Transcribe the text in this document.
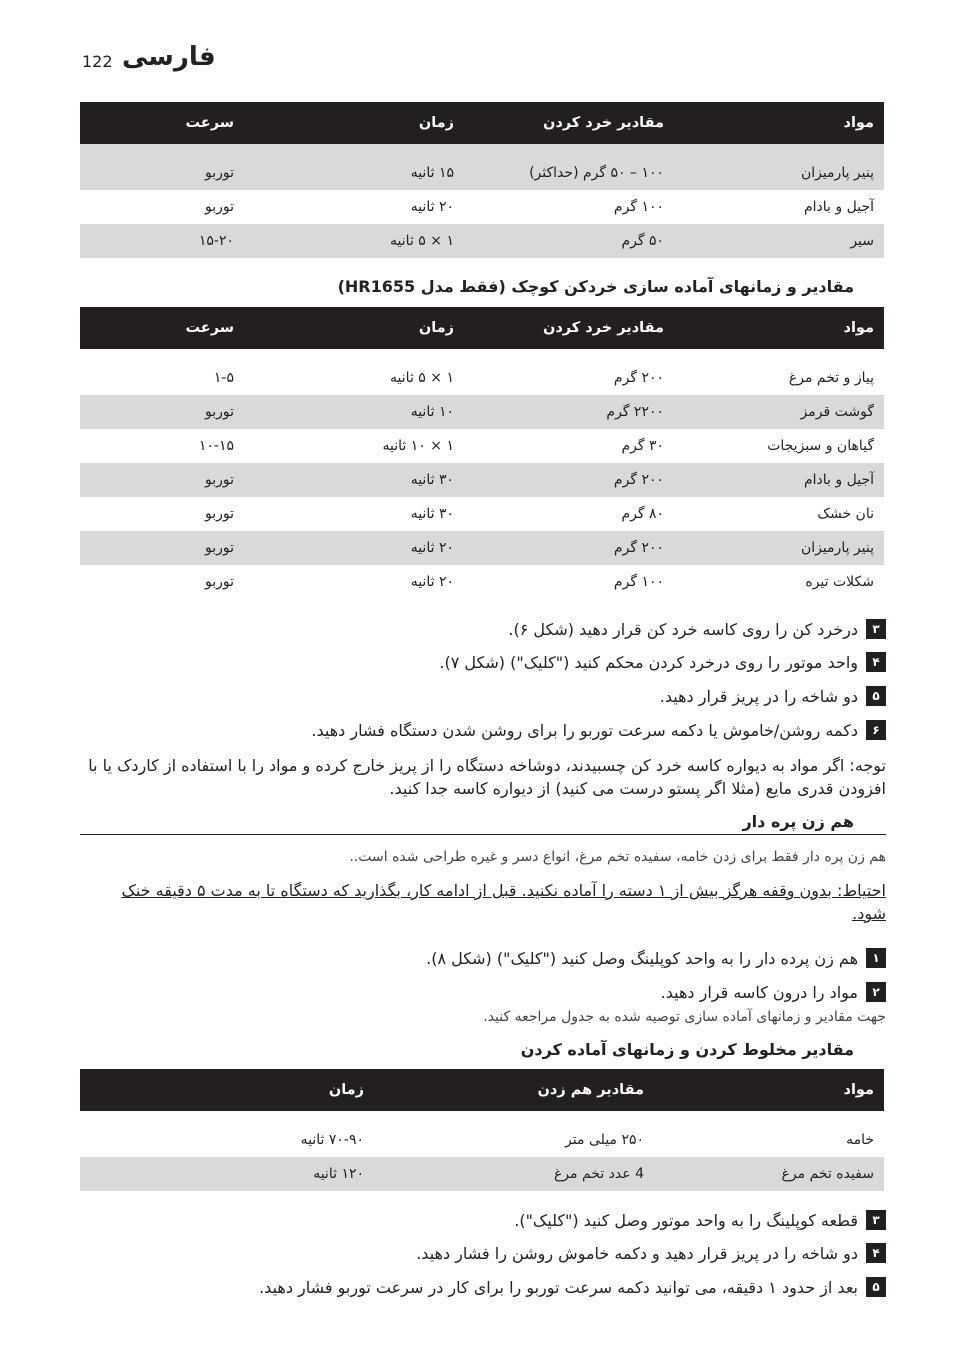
122 فارسی
مواد	مقادیر خرد کردن	زمان	سرعت

پنیر پارمیزان	۱۰۰ – ۵۰ گرم (حداکثر)	۱۵ ثانیه	توربو
آجیل و بادام	۱۰۰ گرم	۲۰ ثانیه	توربو
سیر	۵۰ گرم	۱ × ۵ ثانیه	۱۵-۲۰
مقادیر و زمانهای آماده سازی خردکن کوچک (فقط مدل HR1655)
مواد	مقادیر خرد کردن	زمان	سرعت

پیاز و تخم مرغ	۲۰۰ گرم	۱ × ۵ ثانیه	۱-۵
گوشت قرمز	۲۲۰۰ گرم	۱۰ ثانیه	توربو
گیاهان و سبزیجات	۳۰ گرم	۱ × ۱۰ ثانیه	۱۰-۱۵
آجیل و بادام	۲۰۰ گرم	۳۰ ثانیه	توربو
نان خشک	۸۰ گرم	۳۰ ثانیه	توربو
پنیر پارمیزان	۲۰۰ گرم	۲۰ ثانیه	توربو
شکلات تیره	۱۰۰ گرم	۲۰ ثانیه	توربو
۳
درخرد کن را روی کاسه خرد کن قرار دهید (شکل ۶).
۴
واحد موتور را روی درخرد کردن محکم کنید ("کلیک") (شکل ۷).
۵
دو شاخه را در پریز قرار دهید.
۶
دکمه روشن/خاموش یا دکمه سرعت توربو را برای روشن شدن دستگاه فشار دهید.
توجه: اگر مواد به دیواره کاسه خرد کن چسبیدند، دوشاخه دستگاه را از پریز خارج کرده و مواد را با استفاده از کاردک یا با افزودن قدری مایع (مثلا اگر پستو درست می کنید) از دیواره کاسه جدا کنید.
هم زن پره دار
هم زن پره دار فقط برای زدن خامه، سفیده تخم مرغ، انواع دسر و غیره طراحی شده است..
احتیاط: بدون وقفه هرگز بیش از ۱ دسته را آماده نکنید. قبل از ادامه کار، بگذارید که دستگاه تا به مدت ۵ دقیقه خنک شود.
۱
هم زن پرده دار را به واحد کوپلینگ وصل کنید ("کلیک") (شکل ۸).
۲
مواد را درون کاسه قرار دهید.
جهت مقادیر و زمانهای آماده سازی توصیه شده به جدول مراجعه کنید.
مقادیر مخلوط کردن و زمانهای آماده کردن
مواد	مقادیر هم زدن	زمان

خامه	۲۵۰ میلی متر	۷۰-۹۰ ثانیه
سفیده تخم مرغ	4 عدد تخم مرغ	۱۲۰ ثانیه
۳
قطعه کوپلینگ را به واحد موتور وصل کنید ("کلیک").
۴
دو شاخه را در پریز قرار دهید و دکمه خاموش روشن را فشار دهید.
۵
بعد از حدود ۱ دقیقه، می توانید دکمه سرعت توربو را برای کار در سرعت توربو فشار دهید.
